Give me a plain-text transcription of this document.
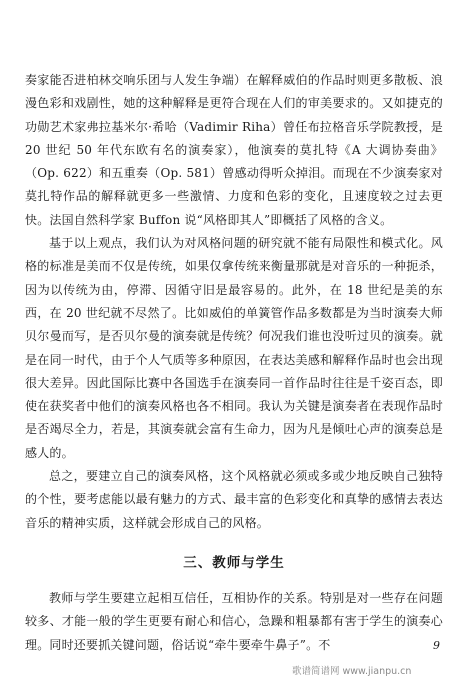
奏家能否进柏林交响乐团与人发生争端）在解释威伯的作品时则更多散板、浪漫色彩和戏剧性，她的这种解释是更符合现在人们的审美要求的。又如捷克的功勋艺术家弗拉基米尔·希哈（Vadimir Riha）曾任布拉格音乐学院教授，是 20 世纪 50 年代东欧有名的演奏家），他演奏的莫扎特《A 大调协奏曲》（Op. 622）和五重奏（Op. 581）曾感动得听众掉泪。而现在不少演奏家对莫扎特作品的解释就更多一些激情、力度和色彩的变化，且速度较之过去更快。法国自然科学家 Buffon 说“风格即其人”即概括了风格的含义。

基于以上观点，我们认为对风格问题的研究就不能有局限性和模式化。风格的标准是美而不仅是传统，如果仅拿传统来衡量那就是对音乐的一种扼杀，因为以传统为由，停滞、因循守旧是最容易的。此外，在 18 世纪是美的东西，在 20 世纪就不尽然了。比如威伯的单簧管作品多数都是为当时演奏大师贝尔曼而写，是否贝尔曼的演奏就是传统？何况我们谁也没听过贝的演奏。就是在同一时代，由于个人气质等多种原因，在表达美感和解释作品时也会出现很大差异。因此国际比赛中各国选手在演奏同一首作品时往往是千姿百态，即使在获奖者中他们的演奏风格也各不相同。我认为关键是演奏者在表现作品时是否竭尽全力，若是，其演奏就会富有生命力，因为凡是倾吐心声的演奏总是感人的。

总之，要建立自己的演奏风格，这个风格就必须或多或少地反映自己独特的个性，要考虑能以最有魅力的方式、最丰富的色彩变化和真挚的感情去表达音乐的精神实质，这样就会形成自己的风格。

三、教师与学生

教师与学生要建立起相互信任，互相协作的关系。特别是对一些存在问题较多、才能一般的学生更要有耐心和信心，急躁和粗暴都有害于学生的演奏心理。同时还要抓关键问题，俗话说“牵牛要牵牛鼻子”。不	9
歌谱简谱网 www.jianpu.cn
